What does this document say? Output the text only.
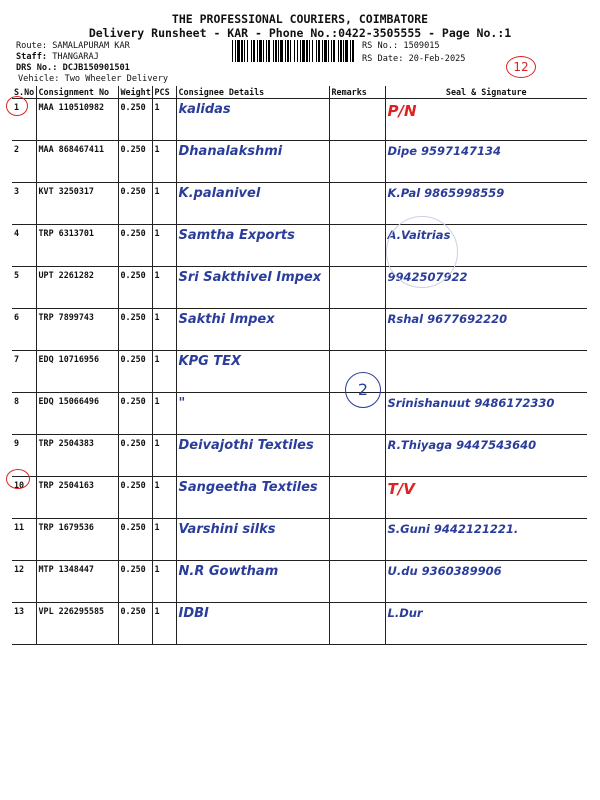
THE PROFESSIONAL COURIERS, COIMBATORE
Delivery Runsheet - KAR - Phone No.:0422-3505555 - Page No.:1
Route: SAMALAPURAM KAR
Staff: THANGARAJ
DRS No.: DCJB150901501
Vehicle: Two Wheeler Delivery
RS No.: 1509015
RS Date: 20-Feb-2025
12
S.No	Consignment No	Weight	PCS	Consignee Details	Remarks	Seal & Signature
1	MAA 110510982	0.250	1	kalidas		P/N
2	MAA 868467411	0.250	1	Dhanalakshmi		Dipe 9597147134
3	KVT 3250317	0.250	1	K.palanivel		K.Pal 9865998559
4	TRP 6313701	0.250	1	Samtha Exports		A.Vaitrias
5	UPT 2261282	0.250	1	Sri Sakthivel Impex		9942507922
6	TRP 7899743	0.250	1	Sakthi Impex		Rshal 9677692220
7	EDQ 10716956	0.250	1	KPG TEX		
8	EDQ 15066496	0.250	1	"		Srinishanuut 9486172330
9	TRP 2504383	0.250	1	Deivajothi Textiles		R.Thiyaga 9447543640
10	TRP 2504163	0.250	1	Sangeetha Textiles		T/V
11	TRP 1679536	0.250	1	Varshini silks		S.Guni 9442121221.
12	MTP 1348447	0.250	1	N.R Gowtham		U.du 9360389906
13	VPL 226295585	0.250	1	IDBI		L.Dur
2
